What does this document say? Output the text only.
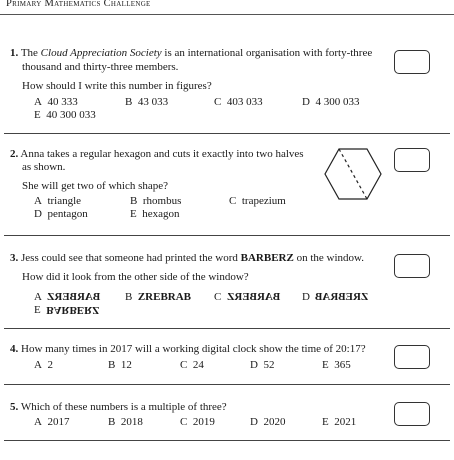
Primary Mathematics Challenge
1. The Cloud Appreciation Society is an international organisation with forty-three
thousand and thirty-three members.
How should I write this number in figures?
A 40 333	B 43 033	C 403 033	D 4 300 033
E 40 300 033
2. Anna takes a regular hexagon and cuts it exactly into two halves
as shown.
She will get two of which shape?
A triangle	B rhombus	C trapezium
D pentagon	E hexagon
3. Jess could see that someone had printed the word BARBERZ on the window.
How did it look from the other side of the window?
A BARBERZ B ZREBRAB C BARBERZ D ZREBRAB
E BARBERZ
4. How many times in 2017 will a working digital clock show the time of 20:17?
A 2	B 12	C 24	D 52	E 365
5. Which of these numbers is a multiple of three?
A 2017	B 2018	C 2019	D 2020	E 2021
